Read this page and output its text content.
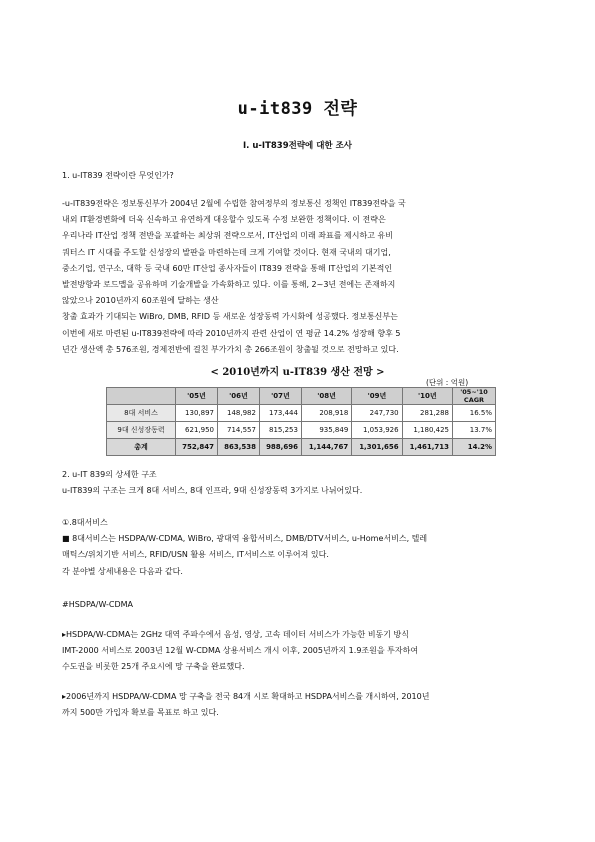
u-it839 전략
Ⅰ. u-IT839전략에 대한 조사

1. u-IT839 전략이란 무엇인가?

-u-IT839전략은 정보통신부가 2004년 2월에 수립한 참여정부의 정보통신 정책인 IT839전략을 국

내외 IT환경변화에 더욱 신속하고 유연하게 대응할수 있도록 수정 보완한 정책이다. 이 전략은

우리나라 IT산업 정책 전반을 포괄하는 최상위 전략으로서, IT산업의 미래 좌표를 제시하고 유비

쿼터스 IT 시대를 주도할 신성장의 발판을 마련하는데 크게 기여할 것이다. 현재 국내의 대기업,

중소기업, 연구소, 대학 등 국내 60만 IT산업 종사자들이 IT839 전략을 통해 IT산업의 기본적인

발전방향과 로드맵을 공유하며 기술개발을 가속화하고 있다. 이를 통해, 2~3년 전에는 존재하지

않았으나 2010년까지 60조원에 달하는 생산

창출 효과가 기대되는 WiBro, DMB, RFID 등 새로운 성장동력 가시화에 성공했다. 정보통신부는

이번에 새로 마련된 u-IT839전략에 따라 2010년까지 관련 산업이 연 평균 14.2% 성장해 향후 5

년간 생산액 총 576조원, 경제전반에 걸친 부가가치 총 266조원이 창출될 것으로 전망하고 있다.

< 2010년까지 u-IT839 생산 전망 >
(단위 : 억원)
	'05년	'06년	'07년	'08년	'09년	'10년	'05~'10 CAGR
8대 서비스	130,897	148,982	173,444	208,918	247,730	281,288	16.5%
9대 신성장동력	621,950	714,557	815,253	935,849	1,053,926	1,180,425	13.7%
총계	752,847	863,538	988,696	1,144,767	1,301,656	1,461,713	14.2%

2. u-IT 839의 상세한 구조

u-IT839의 구조는 크게 8대 서비스, 8대 인프라, 9대 신성장동력 3가지로 나뉘어있다.

①.8대서비스

■ 8대서비스는 HSDPA/W-CDMA, WiBro, 광대역 융합서비스, DMB/DTV서비스, u-Home서비스, 텔레

매틱스/위치기반 서비스, RFID/USN 활용 서비스, IT서비스로 이루어져 있다.

각 분야별 상세내용은 다음과 같다.

#HSDPA/W-CDMA

▸HSDPA/W-CDMA는 2GHz 대역 주파수에서 음성, 영상, 고속 데이터 서비스가 가능한 비동기 방식

IMT-2000 서비스로 2003년 12월 W-CDMA 상용서비스 개시 이후, 2005년까지 1.9조원을 투자하여

수도권을 비롯한 25개 주요시에 망 구축을 완료했다.

▸2006년까지 HSDPA/W-CDMA 망 구축을 전국 84개 시로 확대하고 HSDPA서비스를 개시하여, 2010년

까지 500만 가입자 확보를 목표로 하고 있다.
